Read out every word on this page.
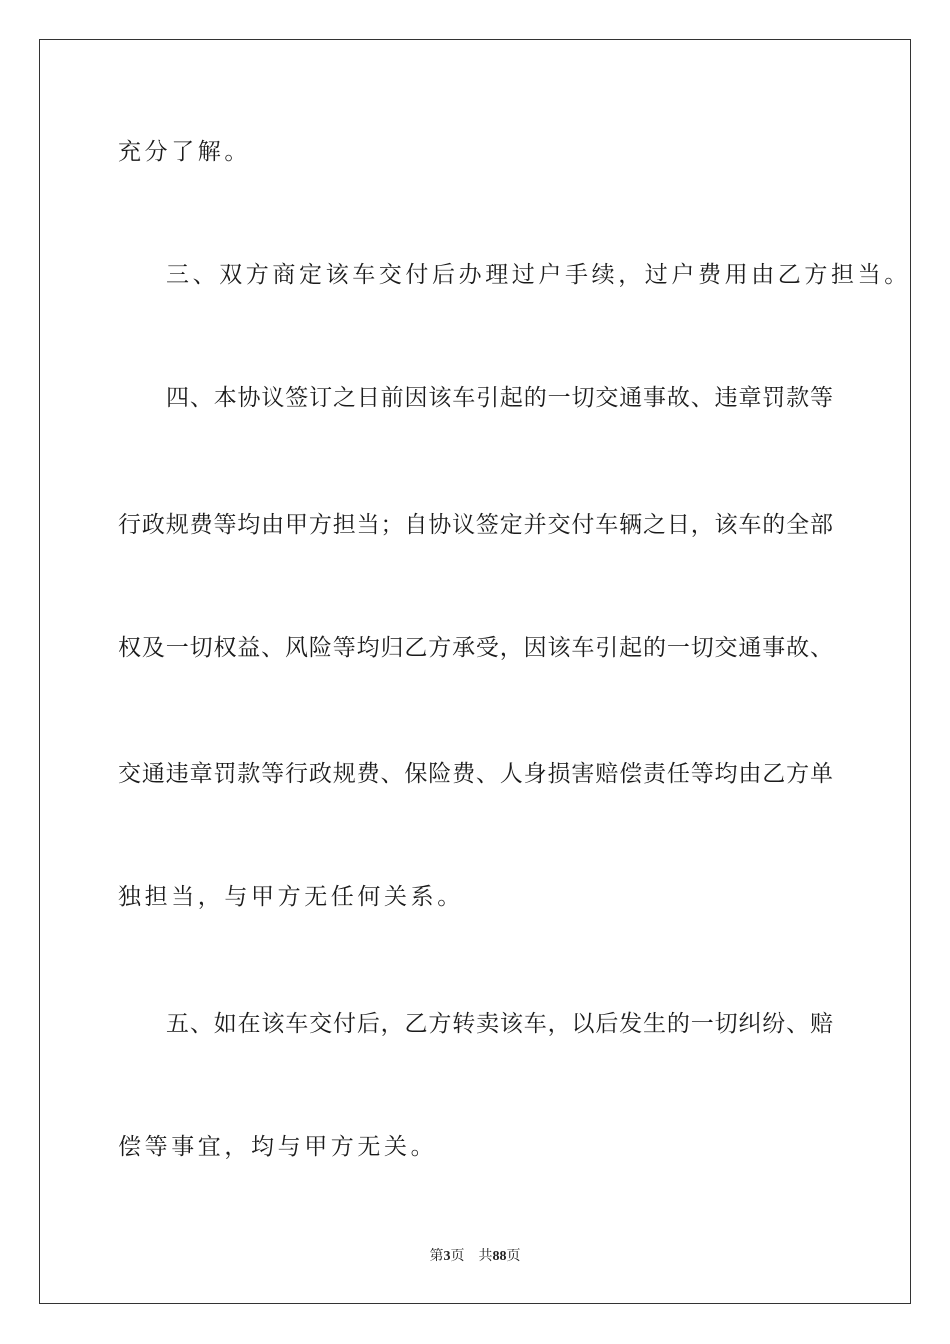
充分了解。
三、双方商定该车交付后办理过户手续，过户费用由乙方担当。
四、本协议签订之日前因该车引起的一切交通事故、违章罚款等
行政规费等均由甲方担当；自协议签定并交付车辆之日，该车的全部
权及一切权益、风险等均归乙方承受，因该车引起的一切交通事故、
交通违章罚款等行政规费、保险费、人身损害赔偿责任等均由乙方单
独担当，与甲方无任何关系。
五、如在该车交付后，乙方转卖该车，以后发生的一切纠纷、赔
偿等事宜，均与甲方无关。
第3页 共88页
